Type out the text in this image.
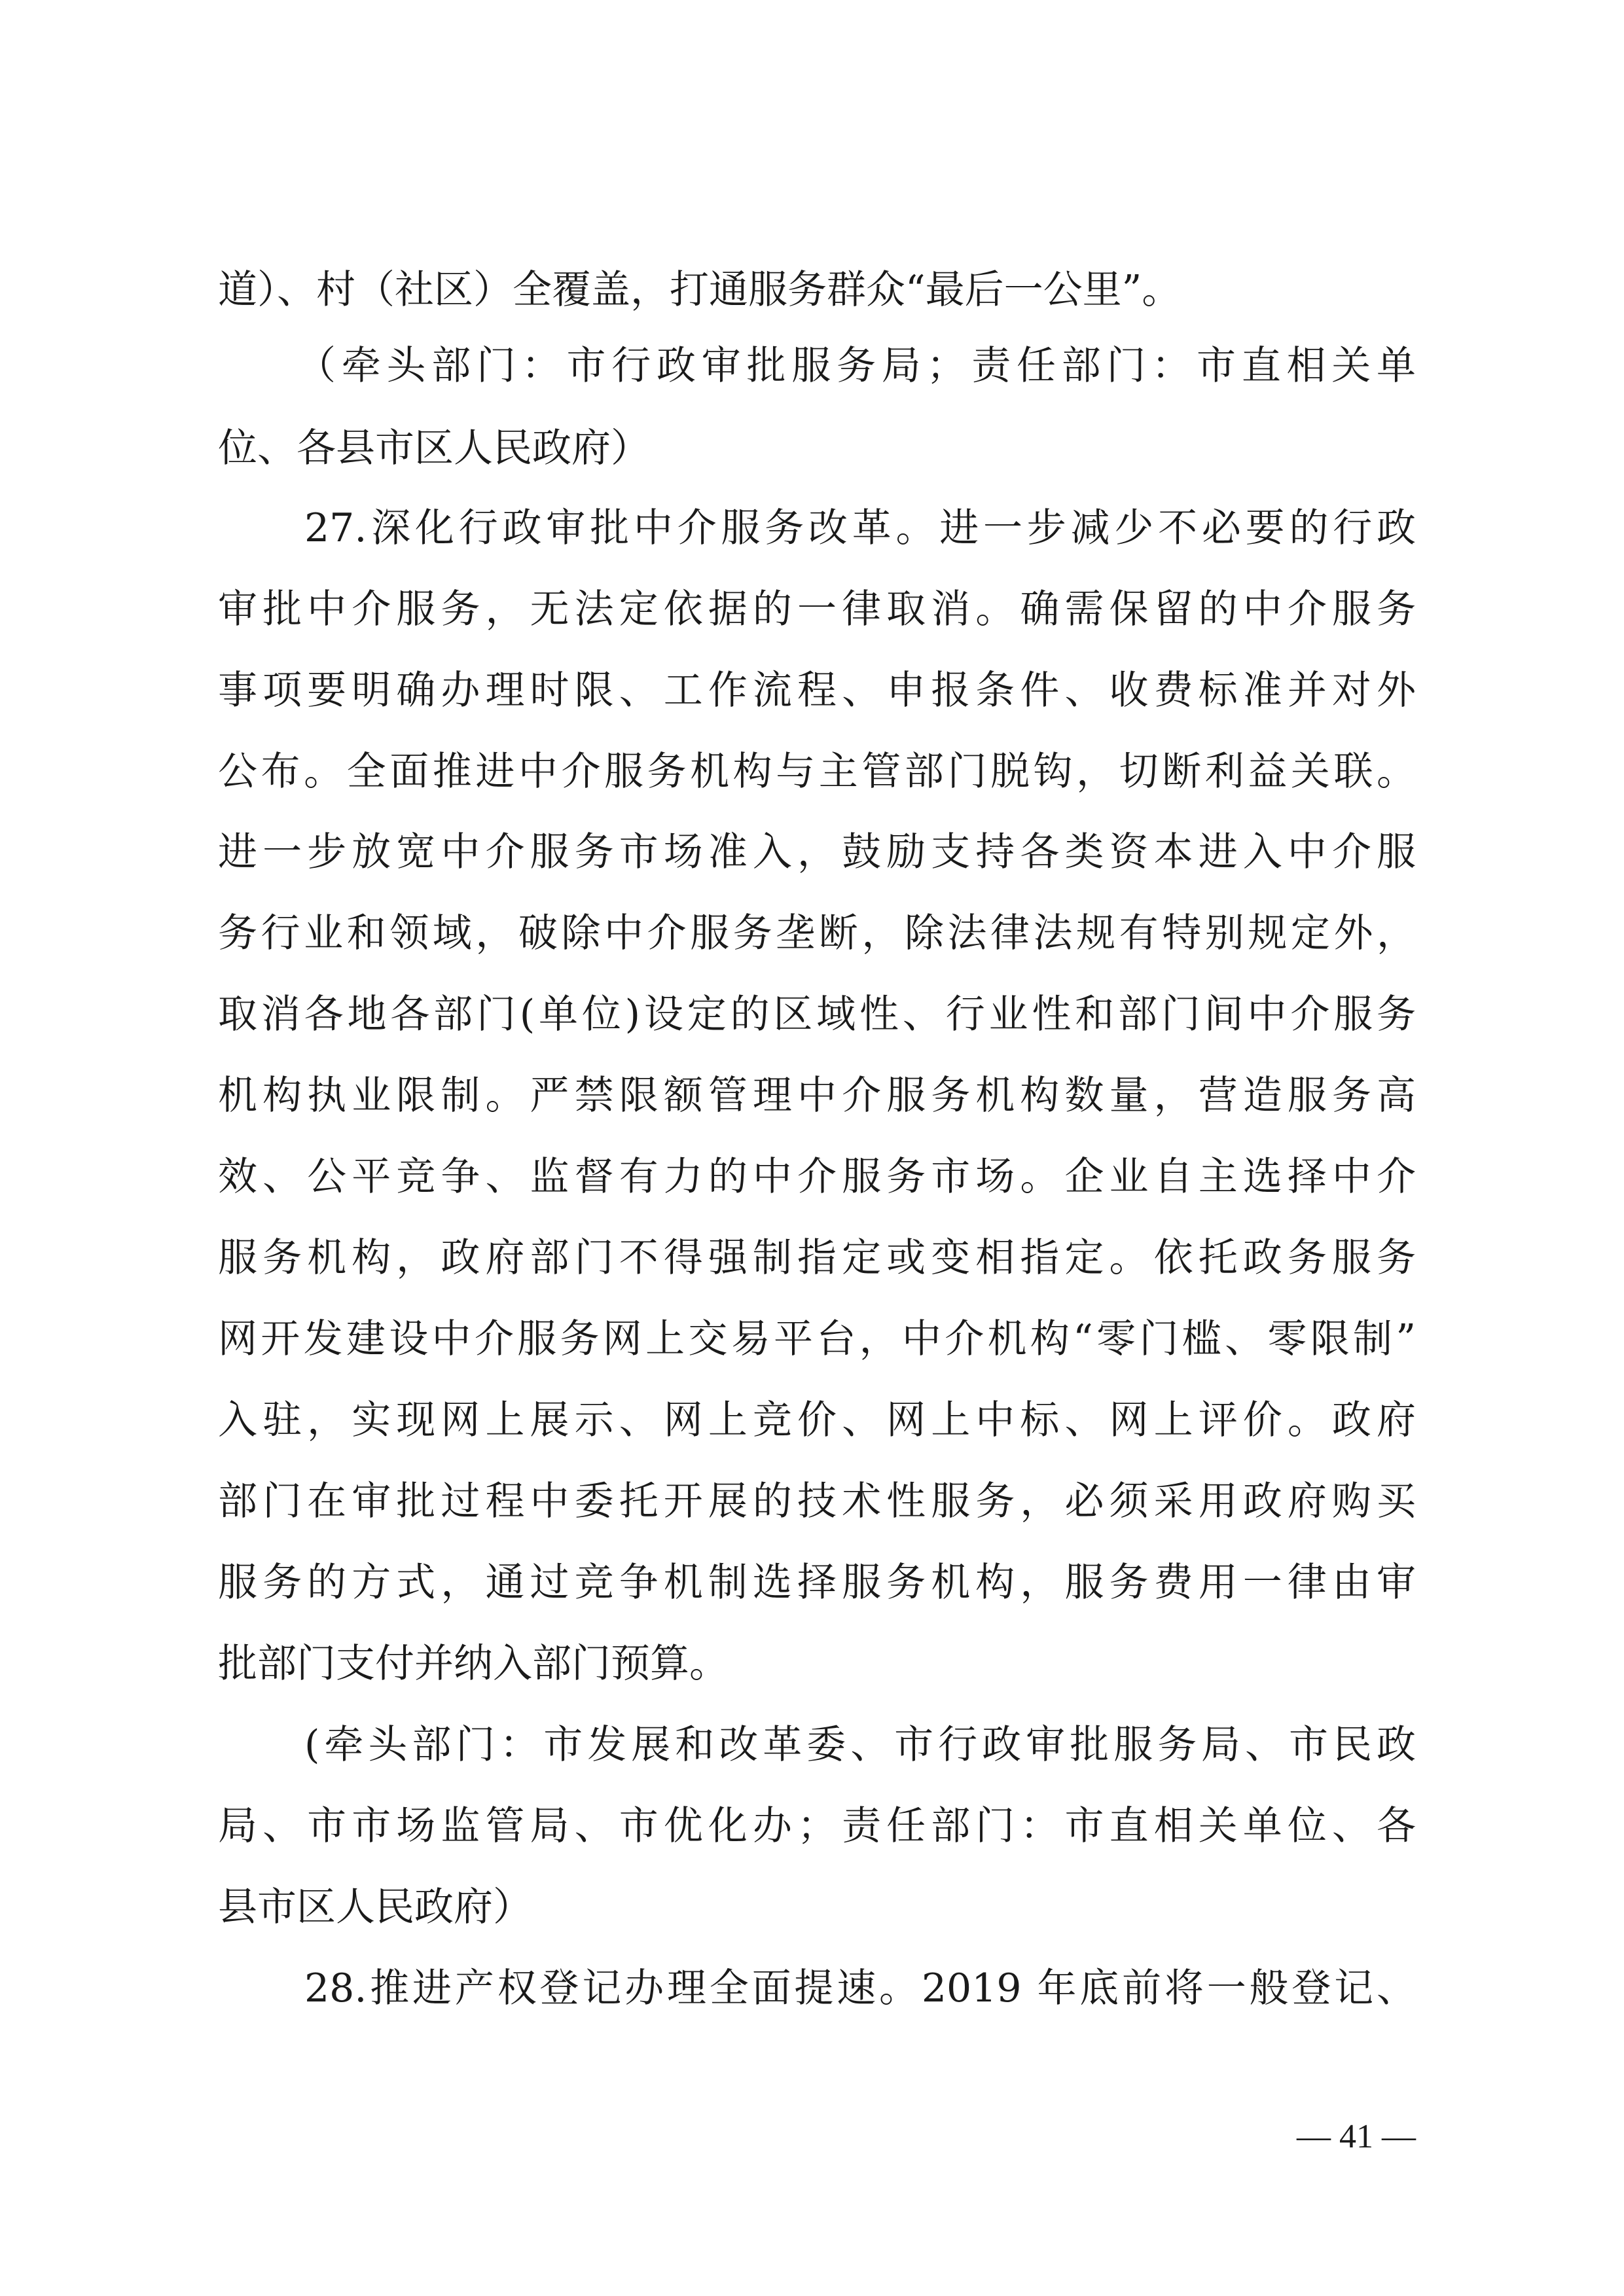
道）、村（社区）全覆盖，打通服务群众“最后一公里”。
（牵头部门：市行政审批服务局；责任部门：市直相关单
位、各县市区人民政府）
27.深化行政审批中介服务改革。进一步减少不必要的行政
审批中介服务，无法定依据的一律取消。确需保留的中介服务
事项要明确办理时限、工作流程、申报条件、收费标准并对外
公布。全面推进中介服务机构与主管部门脱钩，切断利益关联。
进一步放宽中介服务市场准入，鼓励支持各类资本进入中介服
务行业和领域，破除中介服务垄断，除法律法规有特别规定外，
取消各地各部门(单位)设定的区域性、行业性和部门间中介服务
机构执业限制。严禁限额管理中介服务机构数量，营造服务高
效、公平竞争、监督有力的中介服务市场。企业自主选择中介
服务机构，政府部门不得强制指定或变相指定。依托政务服务
网开发建设中介服务网上交易平台，中介机构“零门槛、零限制”
入驻，实现网上展示、网上竞价、网上中标、网上评价。政府
部门在审批过程中委托开展的技术性服务，必须采用政府购买
服务的方式，通过竞争机制选择服务机构，服务费用一律由审
批部门支付并纳入部门预算。
(牵头部门：市发展和改革委、市行政审批服务局、市民政
局、市市场监管局、市优化办；责任部门：市直相关单位、各
县市区人民政府）
28.推进产权登记办理全面提速。2019 年底前将一般登记、
— 41 —
